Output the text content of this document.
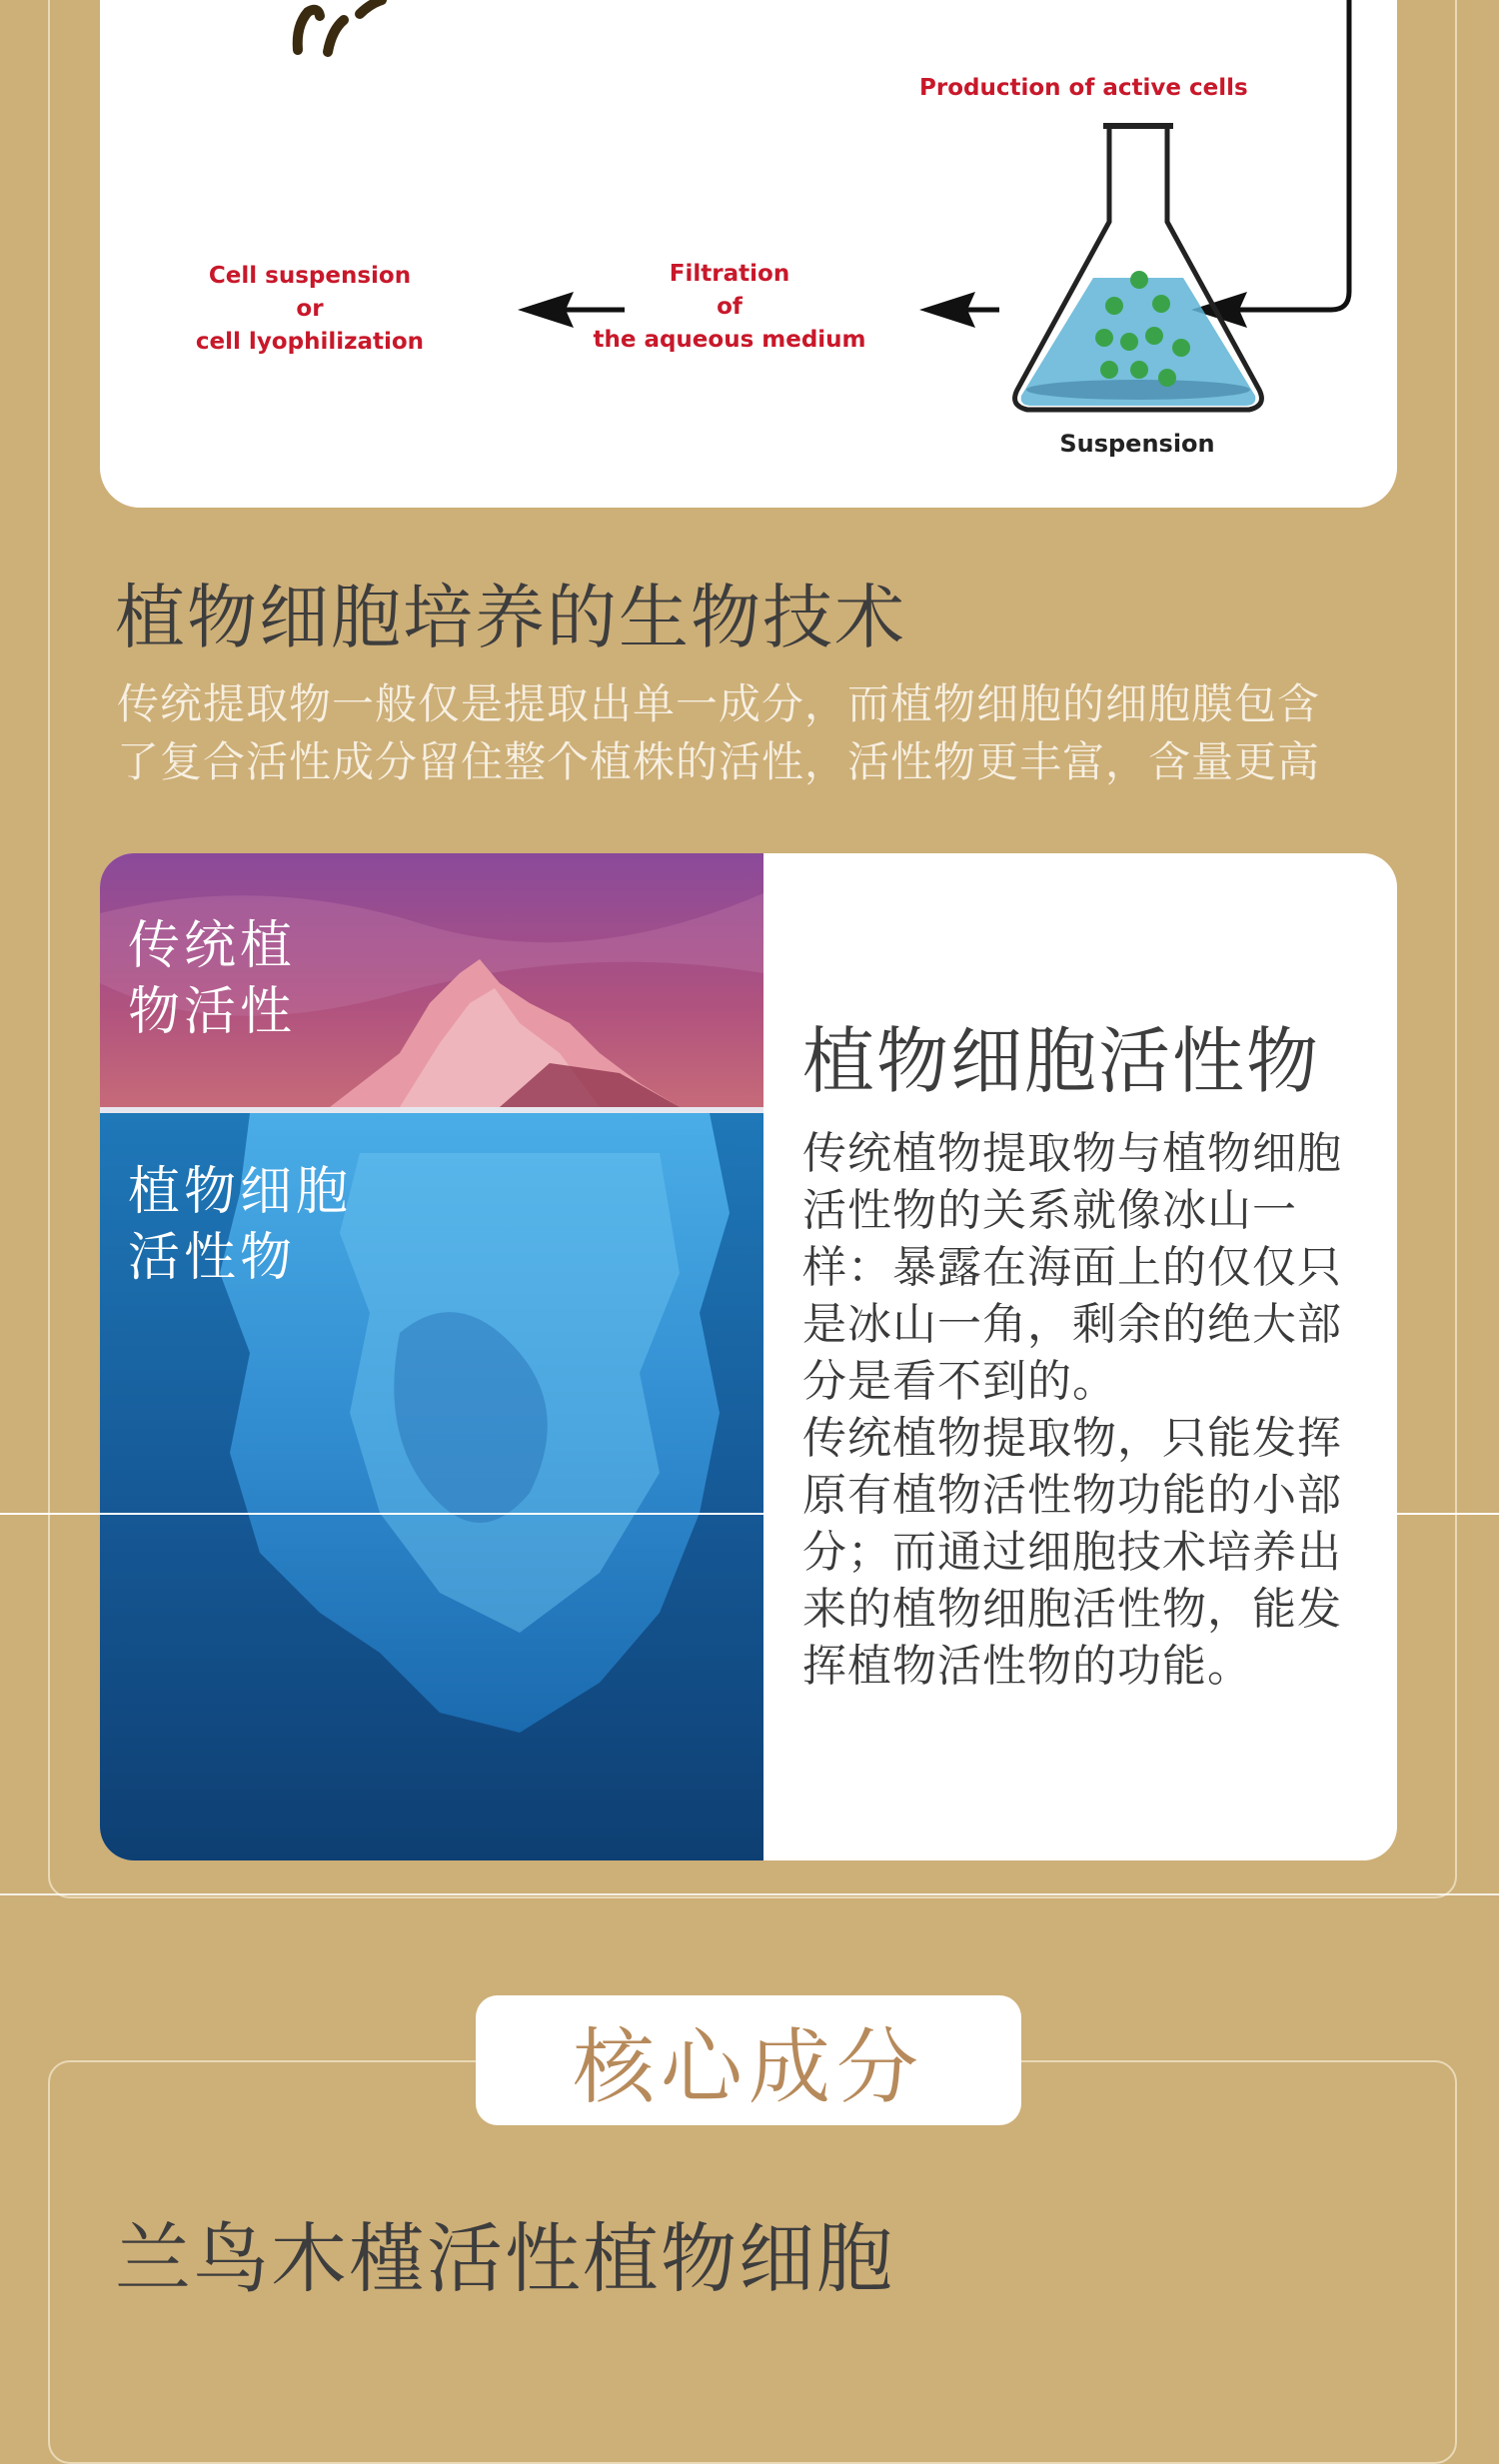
Production of active cells
Suspension
Filtration
of
the aqueous medium
Cell suspension
or
cell lyophilization
植物细胞培养的生物技术
传统提取物一般仅是提取出单一成分，而植物细胞的细胞膜包含
了复合活性成分留住整个植株的活性，活性物更丰富，含量更高
传统植
物活性
植物细胞
活性物
植物细胞活性物

传统植物提取物与植物细胞活性物的关系就像冰山一样：暴露在海面上的仅仅只是冰山一角，剩余的绝大部分是看不到的。

传统植物提取物，只能发挥原有植物活性物功能的小部分；而通过细胞技术培养出来的植物细胞活性物，能发挥植物活性物的功能。

核心成分
兰鸟木槿活性植物细胞
